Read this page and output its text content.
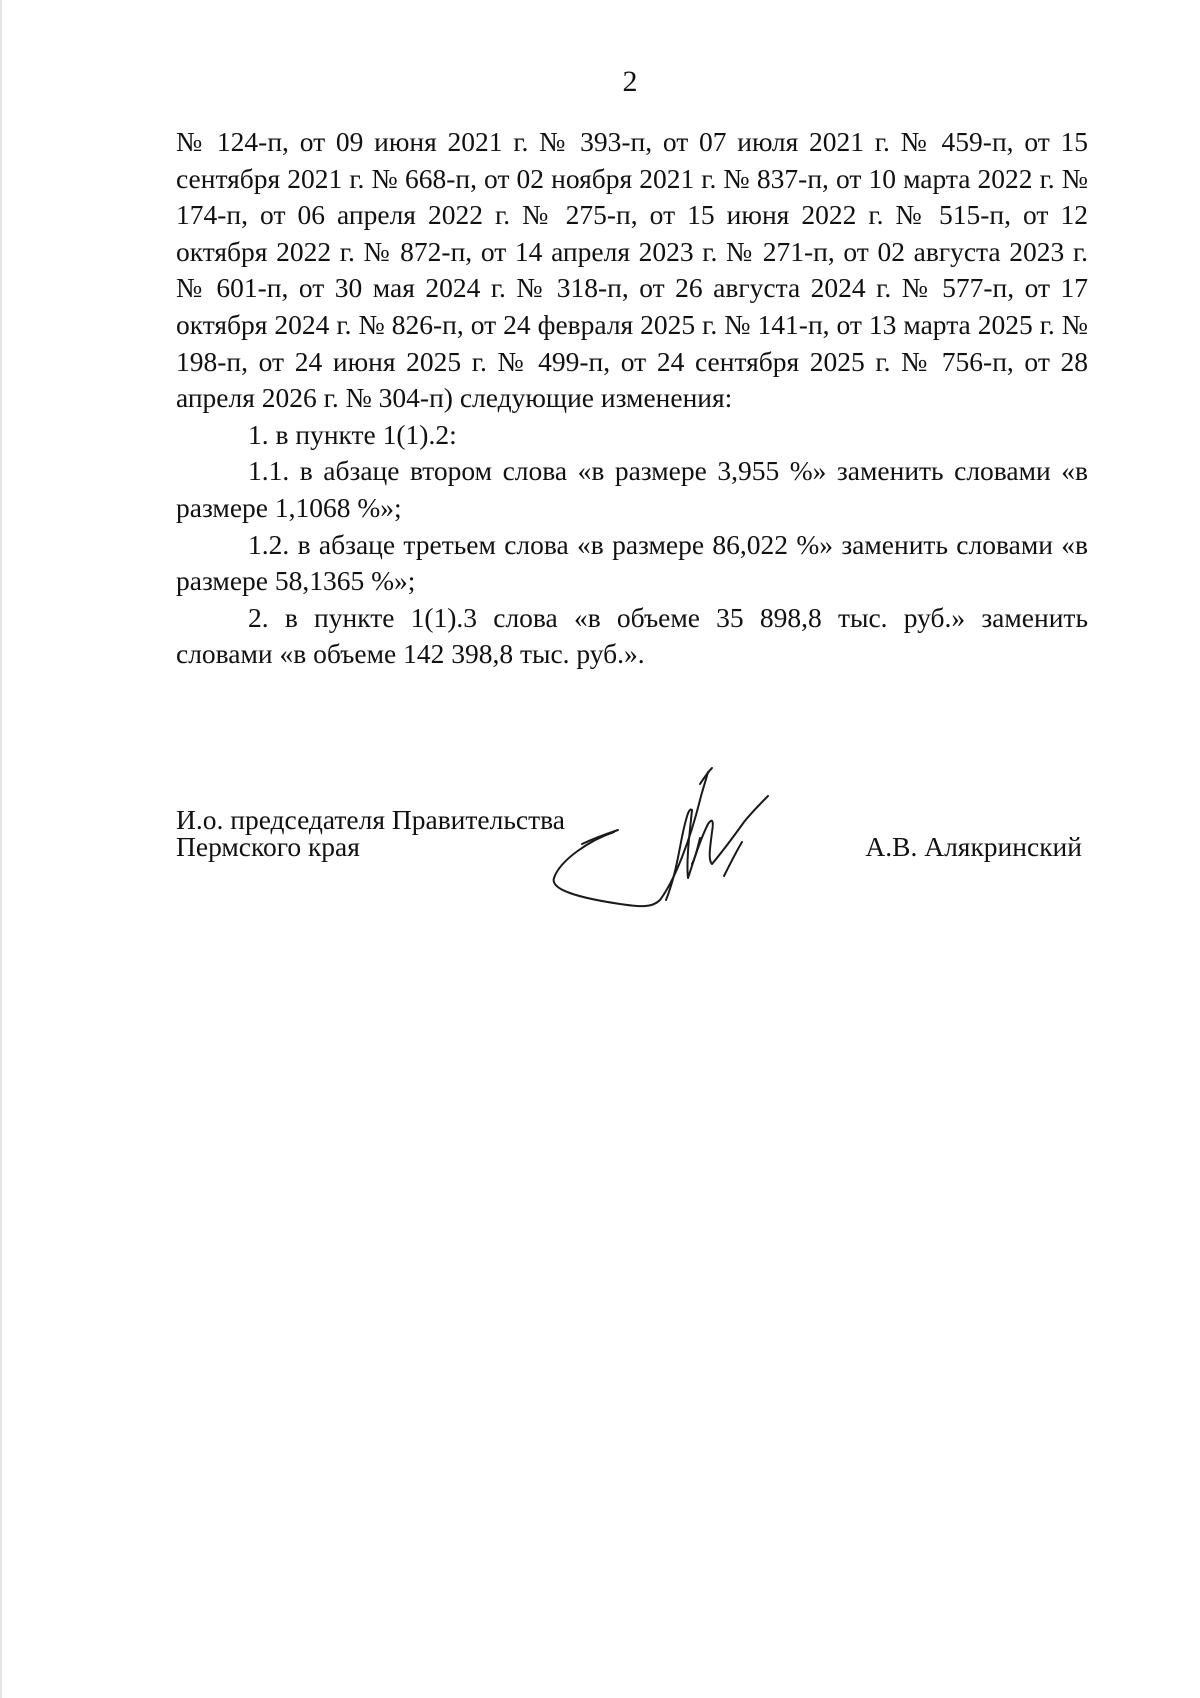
2

№ 124-п, от 09 июня 2021 г. № 393-п, от 07 июля 2021 г. № 459-п, от 15 сентября 2021 г. № 668-п, от 02 ноября 2021 г. № 837-п, от 10 марта 2022 г. № 174-п, от 06 апреля 2022 г. № 275-п, от 15 июня 2022 г. № 515-п, от 12 октября 2022 г. № 872-п, от 14 апреля 2023 г. № 271-п, от 02 августа 2023 г. № 601-п, от 30 мая 2024 г. № 318-п, от 26 августа 2024 г. № 577-п, от 17 октября 2024 г. № 826-п, от 24 февраля 2025 г. № 141-п, от 13 марта 2025 г. № 198-п, от 24 июня 2025 г. № 499-п, от 24 сентября 2025 г. № 756-п, от 28 апреля 2026 г. № 304-п) следующие изменения:

1. в пункте 1(1).2:

1.1. в абзаце втором слова «в размере 3,955 %» заменить словами «в размере 1,1068 %»;

1.2. в абзаце третьем слова «в размере 86,022 %» заменить словами «в размере 58,1365 %»;

2. в пункте 1(1).3 слова «в объеме 35 898,8 тыс. руб.» заменить словами «в объеме 142 398,8 тыс. руб.».

И.о. председателя Правительства
Пермского края	А.В. Алякринский
